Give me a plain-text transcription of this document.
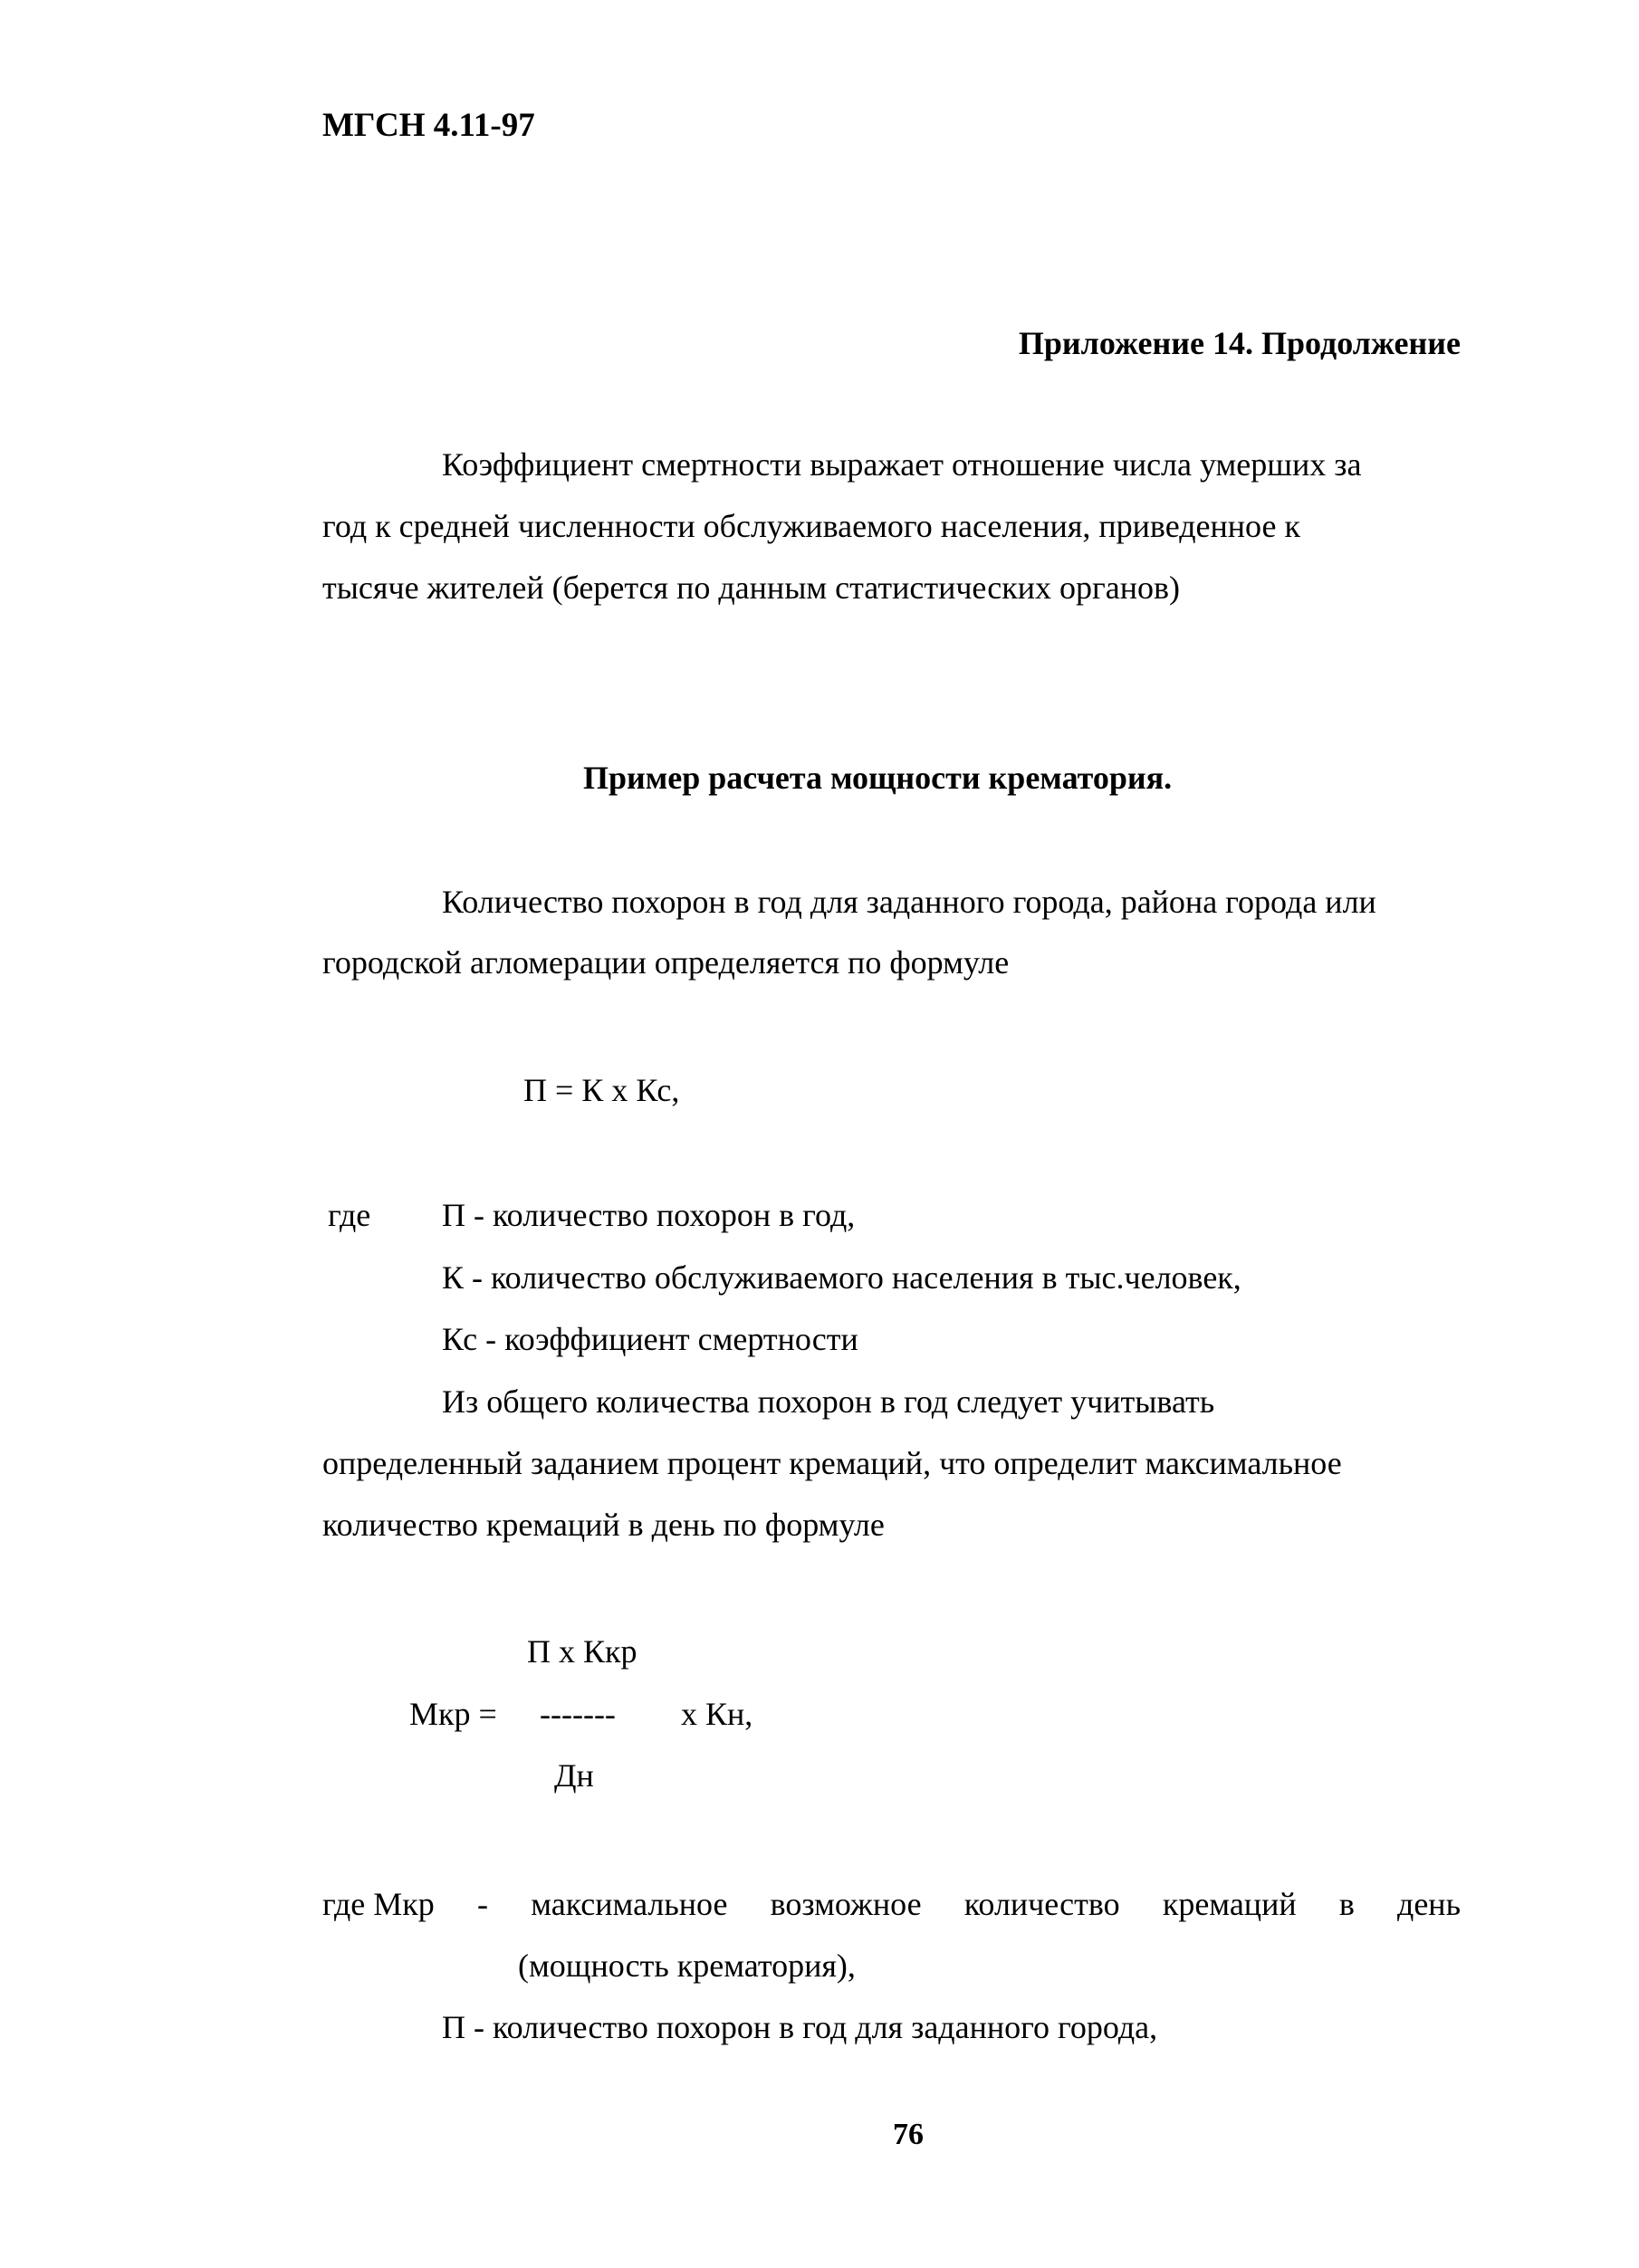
МГСН 4.11-97
Приложение 14. Продолжение
Коэффициент смертности выражает отношение числа умерших за
год к средней численности обслуживаемого населения, приведенное к
тысяче жителей (берется по данным статистических органов)
Пример расчета мощности крематория.
Количество похорон в год для заданного города, района города или
городской агломерации определяется по формуле
П = К х Кс,
где П - количество похорон в год,
К - количество обслуживаемого населения в тыс.человек,
Кс - коэффициент смертности
Из общего количества похорон в год следует учитывать
определенный заданием процент кремаций, что определит максимальное
количество кремаций в день по формуле
П х Ккр
Мкр = ------- х Кн,
Дн
где Мкр - максимальное возможное количество кремаций в день
(мощность крематория),
П - количество похорон в год для заданного города,
76
